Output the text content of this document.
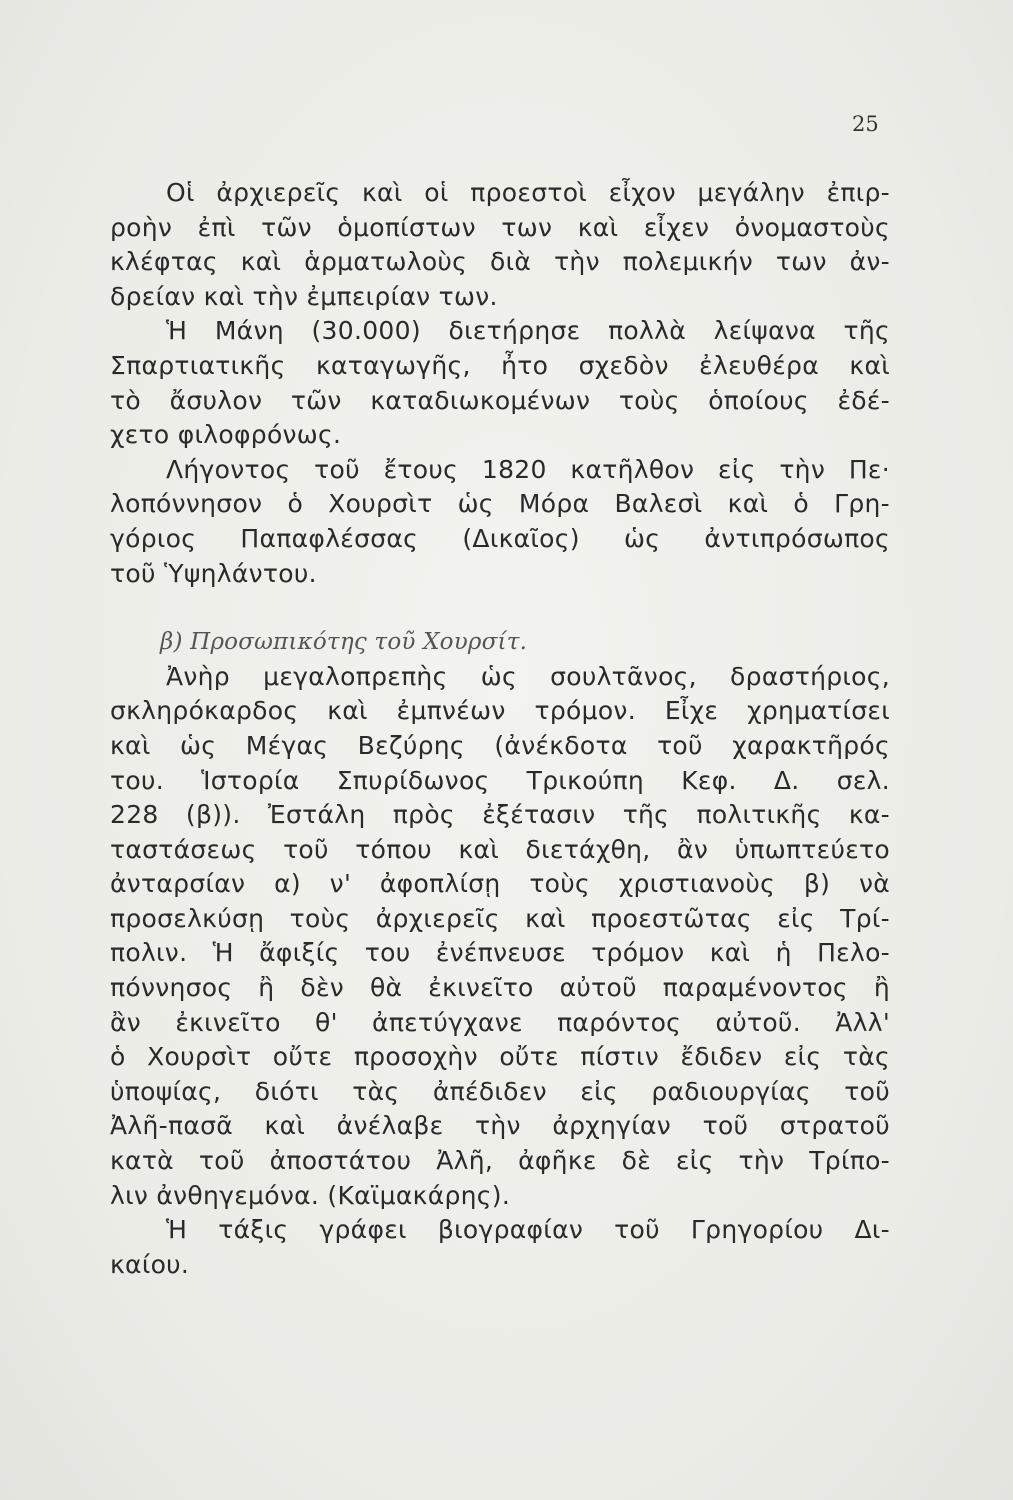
25
Οἱ ἀρχιερεῖς καὶ οἱ προεστοὶ εἶχον μεγάλην ἐπιρ-
ροὴν ἐπὶ τῶν ὁμοπίστων των καὶ εἶχεν ὀνομαστοὺς
κλέφτας καὶ ἁρματωλοὺς διὰ τὴν πολεμικήν των ἀν-
δρείαν καὶ τὴν ἐμπειρίαν των.
Ἡ Μάνη (30.000) διετήρησε πολλὰ λείψανα τῆς
Σπαρτιατικῆς καταγωγῆς, ἦτο σχεδὸν ἐλευθέρα καὶ
τὸ ἄσυλον τῶν καταδιωκομένων τοὺς ὁποίους ἐδέ-
χετο φιλοφρόνως.
Λήγοντος τοῦ ἔτους 1820 κατῆλθον εἰς τὴν Πε·
λοπόννησον ὁ Χουρσὶτ ὡς Μόρα Βαλεσὶ καὶ ὁ Γρη-
γόριος Παπαφλέσσας (Δικαῖος) ὡς ἀντιπρόσωπος
τοῦ Ὑψηλάντου.
β) Προσωπικότης τοῦ Χουρσίτ.
Ἀνὴρ μεγαλοπρεπὴς ὡς σουλτᾶνος, δραστήριος,
σκληρόκαρδος καὶ ἐμπνέων τρόμον. Εἶχε χρηματίσει
καὶ ὡς Μέγας Βεζύρης (ἀνέκδοτα τοῦ χαρακτῆρός
του. Ἱστορία Σπυρίδωνος Τρικούπη Κεφ. Δ. σελ.
228 (β)). Ἐστάλη πρὸς ἐξέτασιν τῆς πολιτικῆς κα-
ταστάσεως τοῦ τόπου καὶ διετάχθη, ἂν ὑπωπτεύετο
ἀνταρσίαν α) ν' ἀφοπλίσῃ τοὺς χριστιανοὺς β) νὰ
προσελκύσῃ τοὺς ἀρχιερεῖς καὶ προεστῶτας εἰς Τρί-
πολιν. Ἡ ἄφιξίς του ἐνέπνευσε τρόμον καὶ ἡ Πελο-
πόννησος ἢ δὲν θὰ ἐκινεῖτο αὐτοῦ παραμένοντος ἢ
ἂν ἐκινεῖτο θ' ἀπετύγχανε παρόντος αὐτοῦ. Ἀλλ'
ὁ Χουρσὶτ οὔτε προσοχὴν οὔτε πίστιν ἔδιδεν εἰς τὰς
ὑποψίας, διότι τὰς ἀπέδιδεν εἰς ραδιουργίας τοῦ
Ἀλῆ-πασᾶ καὶ ἀνέλαβε τὴν ἀρχηγίαν τοῦ στρατοῦ
κατὰ τοῦ ἀποστάτου Ἀλῆ, ἀφῆκε δὲ εἰς τὴν Τρίπο-
λιν ἀνθηγεμόνα. (Καϊμακάρης).
Ἡ τάξις γράφει βιογραφίαν τοῦ Γρηγορίου Δι-
καίου.
